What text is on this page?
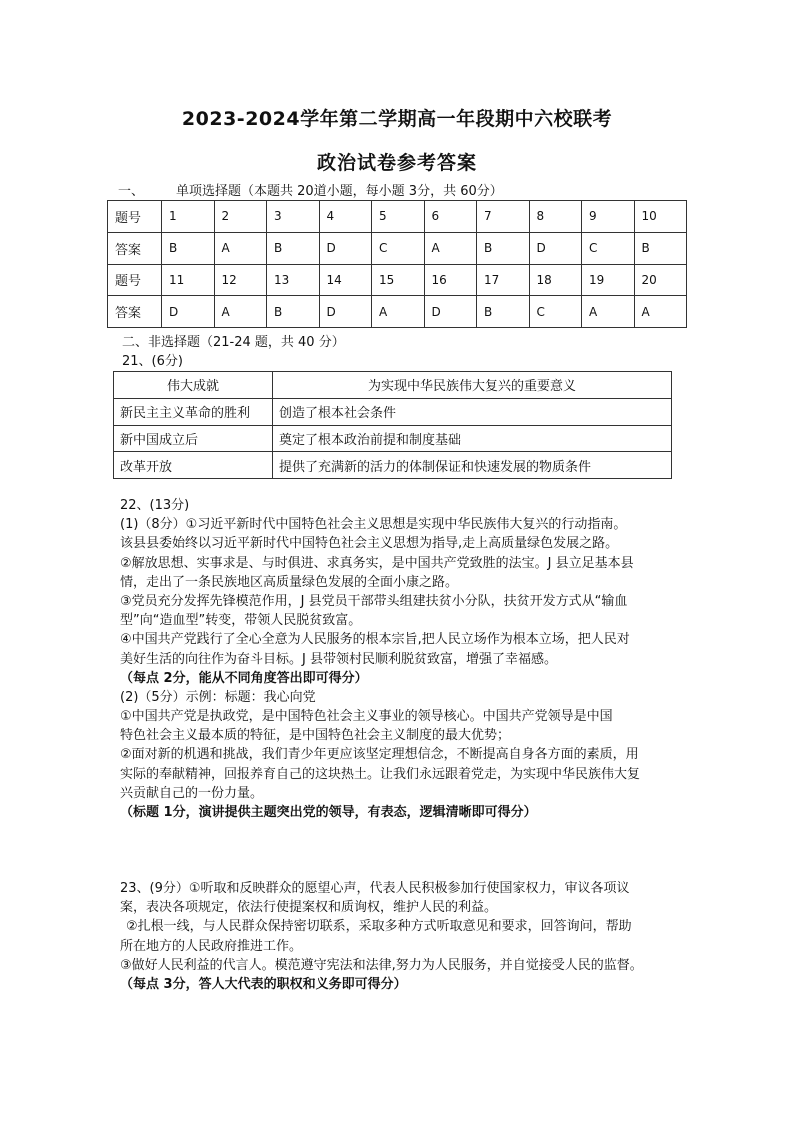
2023-2024学年第二学期高一年段期中六校联考
政治试卷参考答案
一、 单项选择题（本题共 20道小题，每小题 3分，共 60分）
题号	1	2	3	4	5	6	7	8	9	10
答案	B	A	B	D	C	A	B	D	C	B
题号	11	12	13	14	15	16	17	18	19	20
答案	D	A	B	D	A	D	B	C	A	A
二、非选择题（21-24 题，共 40 分）
21、(6分)
伟大成就	为实现中华民族伟大复兴的重要意义
新民主主义革命的胜利	创造了根本社会条件
新中国成立后	奠定了根本政治前提和制度基础
改革开放	提供了充满新的活力的体制保证和快速发展的物质条件
22、(13分)
(1)（8分）①习近平新时代中国特色社会主义思想是实现中华民族伟大复兴的行动指南。
该县县委始终以习近平新时代中国特色社会主义思想为指导,走上高质量绿色发展之路。
②解放思想、实事求是、与时俱进、求真务实，是中国共产党致胜的法宝。J 县立足基本县
情，走出了一条民族地区高质量绿色发展的全面小康之路。
③党员充分发挥先锋模范作用，J 县党员干部带头组建扶贫小分队，扶贫开发方式从“输血
型”向“造血型”转变，带领人民脱贫致富。
④中国共产党践行了全心全意为人民服务的根本宗旨,把人民立场作为根本立场，把人民对
美好生活的向往作为奋斗目标。J 县带领村民顺利脱贫致富，增强了幸福感。
（每点 2分，能从不同角度答出即可得分）
(2)（5分）示例：标题：我心向党
①中国共产党是执政党，是中国特色社会主义事业的领导核心。中国共产党领导是中国
特色社会主义最本质的特征，是中国特色社会主义制度的最大优势；
②面对新的机遇和挑战，我们青少年更应该坚定理想信念，不断提高自身各方面的素质，用
实际的奉献精神，回报养育自己的这块热土。让我们永远跟着党走，为实现中华民族伟大复
兴贡献自己的一份力量。
（标题 1分，演讲提供主题突出党的领导，有表态，逻辑清晰即可得分）
23、(9分）①听取和反映群众的愿望心声，代表人民积极参加行使国家权力，审议各项议
案，表决各项规定，依法行使提案权和质询权，维护人民的利益。
②扎根一线，与人民群众保持密切联系，采取多种方式听取意见和要求，回答询问，帮助
所在地方的人民政府推进工作。
③做好人民利益的代言人。模范遵守宪法和法律,努力为人民服务，并自觉接受人民的监督。
（每点 3分，答人大代表的职权和义务即可得分）
